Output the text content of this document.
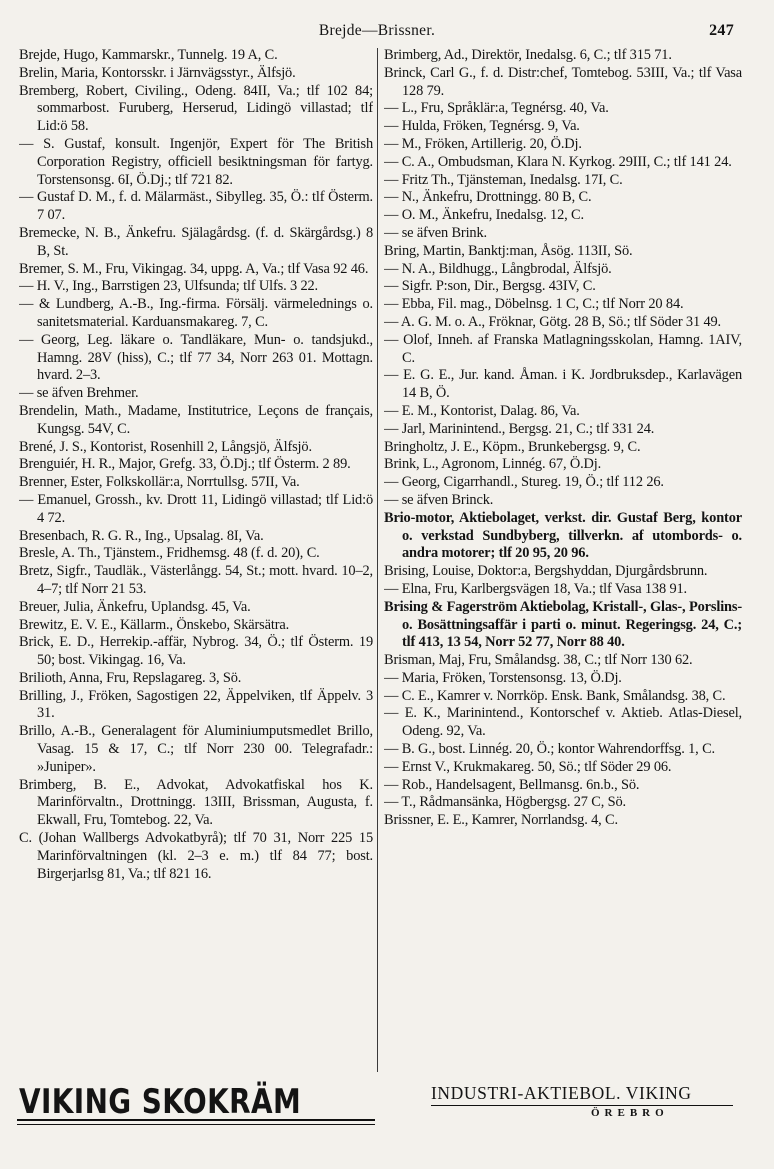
Brejde—Brissner.	247

Brejde, Hugo, Kammarskr., Tunnelg. 19 A, C.

Brelin, Maria, Kontorsskr. i Järnvägsstyr., Älfsjö.

Bremberg, Robert, Civiling., Odeng. 84II, Va.; tlf 102 84; sommarbost. Furuberg, Herserud, Lidingö villastad; tlf Lid:ö 58.

— S. Gustaf, konsult. Ingenjör, Expert för The British Corporation Registry, officiell besiktningsman för fartyg. Torstensonsg. 6I, Ö.Dj.; tlf 721 82.

— Gustaf D. M., f. d. Mälarmäst., Sibylleg. 35, Ö.: tlf Österm. 7 07.

Bremecke, N. B., Änkefru. Själagårdsg. (f. d. Skärgårdsg.) 8 B, St.

Bremer, S. M., Fru, Vikingag. 34, uppg. A, Va.; tlf Vasa 92 46.

— H. V., Ing., Barrstigen 23, Ulfsunda; tlf Ulfs. 3 22.

— & Lundberg, A.-B., Ing.-firma. Försälj. värmelednings o. sanitetsmaterial. Karduansmakareg. 7, C.

— Georg, Leg. läkare o. Tandläkare, Mun- o. tandsjukd., Hamng. 28V (hiss), C.; tlf 77 34, Norr 263 01. Mottagn. hvard. 2–3.

— se äfven Brehmer.

Brendelin, Math., Madame, Institutrice, Leçons de français, Kungsg. 54V, C.

Brené, J. S., Kontorist, Rosenhill 2, Långsjö, Älfsjö.

Brenguiér, H. R., Major, Grefg. 33, Ö.Dj.; tlf Österm. 2 89.

Brenner, Ester, Folkskollär:a, Norrtullsg. 57II, Va.

— Emanuel, Grossh., kv. Drott 11, Lidingö villastad; tlf Lid:ö 4 72.

Bresenbach, R. G. R., Ing., Upsalag. 8I, Va.

Bresle, A. Th., Tjänstem., Fridhemsg. 48 (f. d. 20), C.

Bretz, Sigfr., Taudläk., Västerlångg. 54, St.; mott. hvard. 10–2, 4–7; tlf Norr 21 53.

Breuer, Julia, Änkefru, Uplandsg. 45, Va.

Brewitz, E. V. E., Källarm., Önskebo, Skärsätra.

Brick, E. D., Herrekip.-affär, Nybrog. 34, Ö.; tlf Österm. 19 50; bost. Vikingag. 16, Va.

Brilioth, Anna, Fru, Repslagareg. 3, Sö.

Brilling, J., Fröken, Sagostigen 22, Äppelviken, tlf Äppelv. 3 31.

Brillo, A.-B., Generalagent för Aluminiumputsmedlet Brillo, Vasag. 15 & 17, C.; tlf Norr 230 00. Telegrafadr.: »Juniper».

Brimberg, B. E., Advokat, Advokatfiskal hos K. Marinförvaltn., Drottningg. 13III, Brissman, Augusta, f. Ekwall, Fru, Tomtebog. 22, Va.

C. (Johan Wallbergs Advokatbyrå); tlf 70 31, Norr 225 15 Marinförvaltningen (kl. 2–3 e. m.) tlf 84 77; bost. Birgerjarlsg 81, Va.; tlf 821 16.

Brimberg, Ad., Direktör, Inedalsg. 6, C.; tlf 315 71.

Brinck, Carl G., f. d. Distr:chef, Tomtebog. 53III, Va.; tlf Vasa 128 79.

— L., Fru, Språklär:a, Tegnérsg. 40, Va.

— Hulda, Fröken, Tegnérsg. 9, Va.

— M., Fröken, Artillerig. 20, Ö.Dj.

— C. A., Ombudsman, Klara N. Kyrkog. 29III, C.; tlf 141 24.

— Fritz Th., Tjänsteman, Inedalsg. 17I, C.

— N., Änkefru, Drottningg. 80 B, C.

— O. M., Änkefru, Inedalsg. 12, C.

— se äfven Brink.

Bring, Martin, Banktj:man, Åsög. 113II, Sö.

— N. A., Bildhugg., Långbrodal, Älfsjö.

— Sigfr. P:son, Dir., Bergsg. 43IV, C.

— Ebba, Fil. mag., Döbelnsg. 1 C, C.; tlf Norr 20 84.

— A. G. M. o. A., Fröknar, Götg. 28 B, Sö.; tlf Söder 31 49.

— Olof, Inneh. af Franska Matlagningsskolan, Hamng. 1AIV, C.

— E. G. E., Jur. kand. Åman. i K. Jordbruksdep., Karlavägen 14 B, Ö.

— E. M., Kontorist, Dalag. 86, Va.

— Jarl, Marinintend., Bergsg. 21, C.; tlf 331 24.

Bringholtz, J. E., Köpm., Brunkebergsg. 9, C.

Brink, L., Agronom, Linnég. 67, Ö.Dj.

— Georg, Cigarrhandl., Stureg. 19, Ö.; tlf 112 26.

— se äfven Brinck.

Brio-motor, Aktiebolaget, verkst. dir. Gustaf Berg, kontor o. verkstad Sundbyberg, tillverkn. af utombords- o. andra motorer; tlf 20 95, 20 96.

Brising, Louise, Doktor:a, Bergshyddan, Djurgårdsbrunn.

— Elna, Fru, Karlbergsvägen 18, Va.; tlf Vasa 138 91.

Brising & Fagerström Aktiebolag, Kristall-, Glas-, Porslins- o. Bosättningsaffär i parti o. minut. Regeringsg. 24, C.; tlf 413, 13 54, Norr 52 77, Norr 88 40.

Brisman, Maj, Fru, Smålandsg. 38, C.; tlf Norr 130 62.

— Maria, Fröken, Torstensonsg. 13, Ö.Dj.

— C. E., Kamrer v. Norrköp. Ensk. Bank, Smålandsg. 38, C.

— E. K., Marinintend., Kontorschef v. Aktieb. Atlas-Diesel, Odeng. 92, Va.

— B. G., bost. Linnég. 20, Ö.; kontor Wahrendorffsg. 1, C.

— Ernst V., Krukmakareg. 50, Sö.; tlf Söder 29 06.

— Rob., Handelsagent, Bellmansg. 6n.b., Sö.

— T., Rådmansänka, Högbergsg. 27 C, Sö.

Brissner, E. E., Kamrer, Norrlandsg. 4, C.

VIKING SKOKRÄM	INDUSTRI-AKTIEBOL. VIKING
ÖREBRO
